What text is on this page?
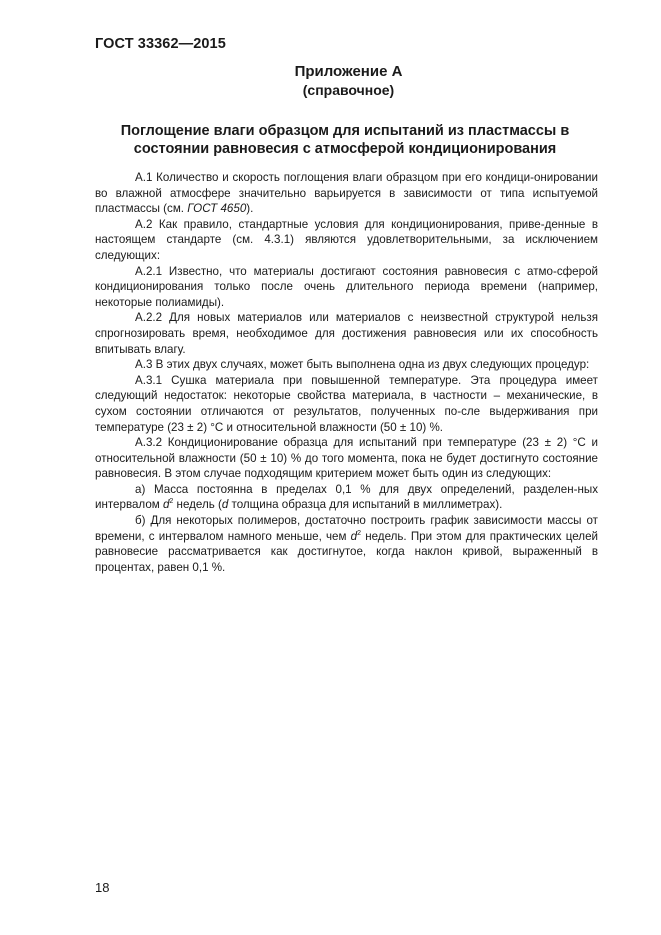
ГОСТ 33362—2015
Приложение А
(справочное)
Поглощение влаги образцом для испытаний из пластмассы в
состоянии равновесия с атмосферой кондиционирования

А.1 Количество и скорость поглощения влаги образцом при его кондици-онировании во влажной атмосфере значительно варьируется в зависимости от типа испытуемой пластмассы (см. ГОСТ 4650).

А.2 Как правило, стандартные условия для кондиционирования, приве-денные в настоящем стандарте (см. 4.3.1) являются удовлетворительными, за исключением следующих:

А.2.1 Известно, что материалы достигают состояния равновесия с атмо-сферой кондиционирования только после очень длительного периода времени (например, некоторые полиамиды).

А.2.2 Для новых материалов или материалов с неизвестной структурой нельзя спрогнозировать время, необходимое для достижения равновесия или их способность впитывать влагу.

А.3 В этих двух случаях, может быть выполнена одна из двух следующих процедур:

А.3.1 Сушка материала при повышенной температуре. Эта процедура имеет следующий недостаток: некоторые свойства материала, в частности – механические, в сухом состоянии отличаются от результатов, полученных по-сле выдерживания при температуре (23 ± 2) °С и относительной влажности (50 ± 10) %.

А.3.2 Кондиционирование образца для испытаний при температуре (23 ± 2) °С и относительной влажности (50 ± 10) % до того момента, пока не будет достигнуто состояние равновесия. В этом случае подходящим критерием может быть один из следующих:

а) Масса постоянна в пределах 0,1 % для двух определений, разделен-ных интервалом $d^2$ недель (d толщина образца для испытаний в миллиметрах).

б) Для некоторых полимеров, достаточно построить график зависимости массы от времени, с интервалом намного меньше, чем $d^2$ недель. При этом для практических целей равновесие рассматривается как достигнутое, когда наклон кривой, выраженный в процентах, равен 0,1 %.

18
